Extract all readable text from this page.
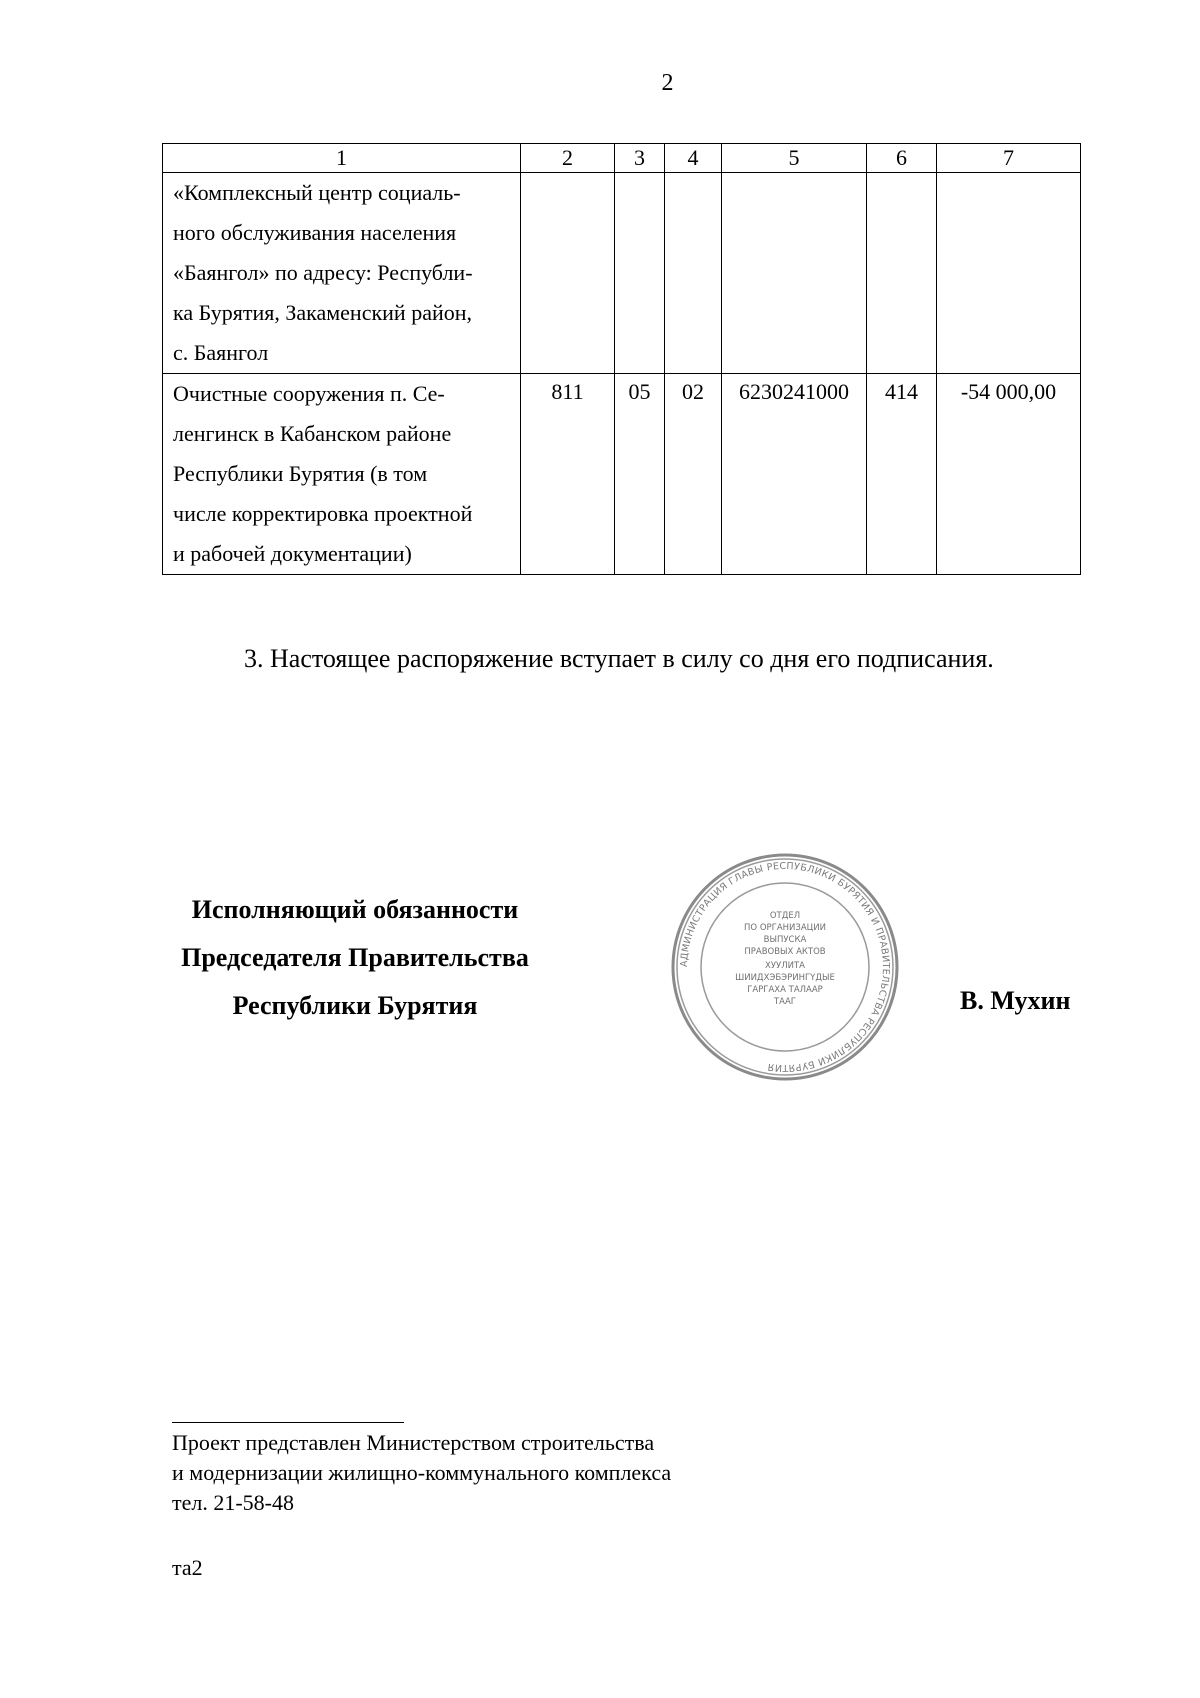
2
1	2	3	4	5	6	7

«Комплексный центр социаль-
ного обслуживания населения
«Баянгол» по адресу: Республи-
ка Бурятия, Закаменский район,
с. Баянгол						

Очистные сооружения п. Се-
ленгинск в Кабанском районе
Республики Бурятия (в том
числе корректировка проектной
и рабочей документации)	811	05	02	6230241000	414	-54 000,00
3. Настоящее распоряжение вступает в силу со дня его подписания.
Исполняющий обязанности
Председателя Правительства
Республики Бурятия
АДМИНИСТРАЦИЯ ГЛАВЫ РЕСПУБЛИКИ БУРЯТИЯ И ПРАВИТЕЛЬСТВА РЕСПУБЛИКИ БУРЯТИЯ
ОТДЕЛ
ПО ОРГАНИЗАЦИИ
ВЫПУСКА
ПРАВОВЫХ АКТОВ
ХУУЛИТА
ШИИДХЭБЭРИНГҮДЫЕ
ГАРГАХА ТАЛААР
ТААГ	В. Мухин
Проект представлен Министерством строительства
и модернизации жилищно-коммунального комплекса
тел. 21-58-48
та2
